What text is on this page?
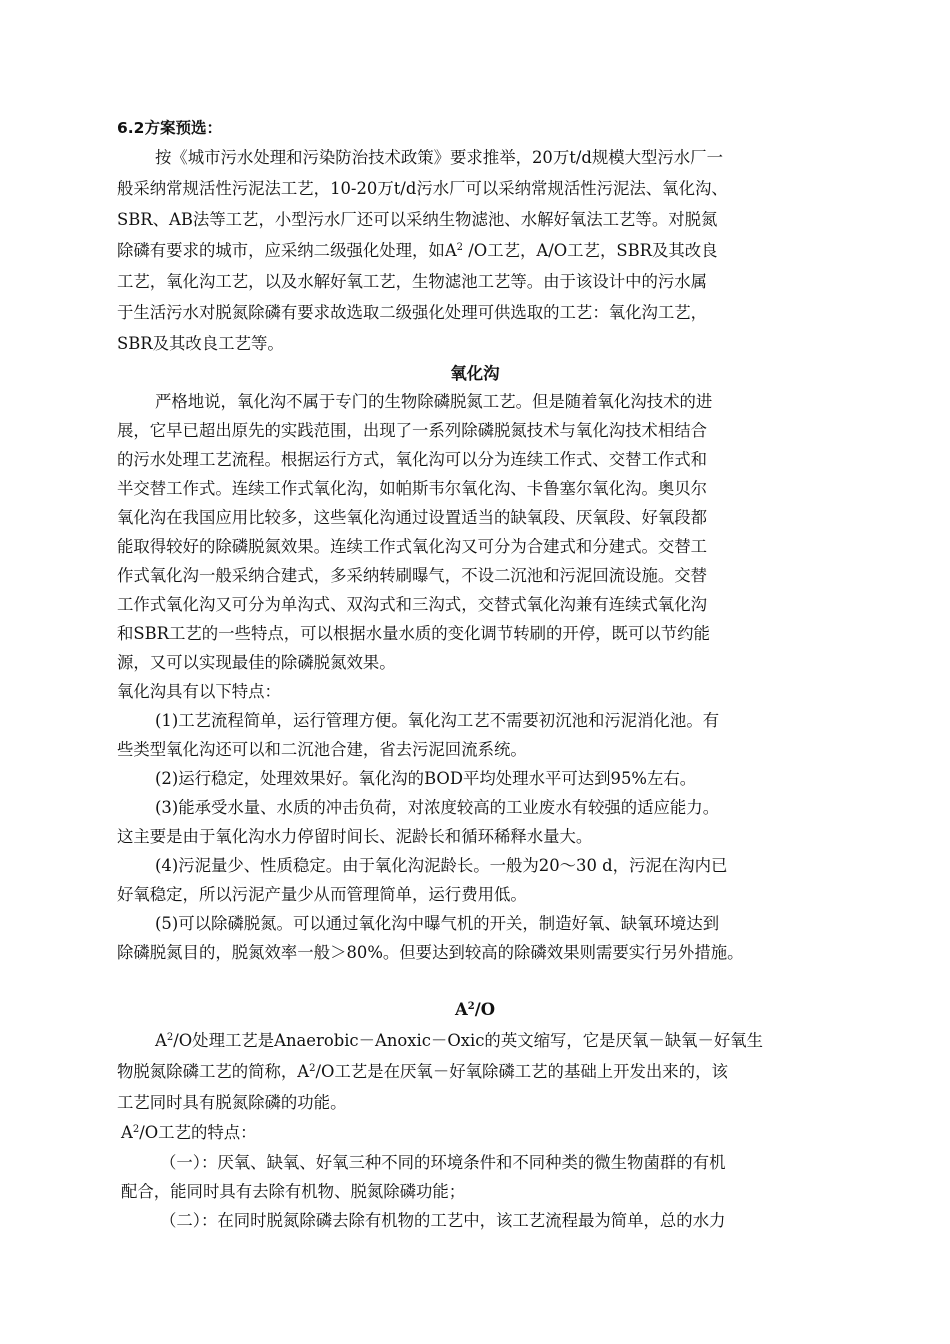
6.2方案预选：
按《城市污水处理和污染防治技术政策》要求推举，20万t/d规模大型污水厂一
般采纳常规活性污泥法工艺，10-20万t/d污水厂可以采纳常规活性污泥法、氧化沟、
SBR、AB法等工艺，小型污水厂还可以采纳生物滤池、水解好氧法工艺等。对脱氮
除磷有要求的城市，应采纳二级强化处理，如$A^2$ /O工艺，A/O工艺，SBR及其改良
工艺，氧化沟工艺，以及水解好氧工艺，生物滤池工艺等。由于该设计中的污水属
于生活污水对脱氮除磷有要求故选取二级强化处理可供选取的工艺：氧化沟工艺，
SBR及其改良工艺等。
氧化沟
严格地说，氧化沟不属于专门的生物除磷脱氮工艺。但是随着氧化沟技术的进
展，它早已超出原先的实践范围，出现了一系列除磷脱氮技术与氧化沟技术相结合
的污水处理工艺流程。根据运行方式，氧化沟可以分为连续工作式、交替工作式和
半交替工作式。连续工作式氧化沟，如帕斯韦尔氧化沟、卡鲁塞尔氧化沟。奥贝尔
氧化沟在我国应用比较多，这些氧化沟通过设置适当的缺氧段、厌氧段、好氧段都
能取得较好的除磷脱氮效果。连续工作式氧化沟又可分为合建式和分建式。交替工
作式氧化沟一般采纳合建式，多采纳转刷曝气，不设二沉池和污泥回流设施。交替
工作式氧化沟又可分为单沟式、双沟式和三沟式，交替式氧化沟兼有连续式氧化沟
和SBR工艺的一些特点，可以根据水量水质的变化调节转刷的开停，既可以节约能
源，又可以实现最佳的除磷脱氮效果。
氧化沟具有以下特点：
(1)工艺流程简单，运行管理方便。氧化沟工艺不需要初沉池和污泥消化池。有
些类型氧化沟还可以和二沉池合建，省去污泥回流系统。
(2)运行稳定，处理效果好。氧化沟的BOD平均处理水平可达到95%左右。
(3)能承受水量、水质的冲击负荷，对浓度较高的工业废水有较强的适应能力。
这主要是由于氧化沟水力停留时间长、泥龄长和循环稀释水量大。
(4)污泥量少、性质稳定。由于氧化沟泥龄长。一般为20～30 d，污泥在沟内已
好氧稳定，所以污泥产量少从而管理简单，运行费用低。
(5)可以除磷脱氮。可以通过氧化沟中曝气机的开关，制造好氧、缺氧环境达到
除磷脱氮目的，脱氮效率一般＞80%。但要达到较高的除磷效果则需要实行另外措施。
$A^2/O$
$A^2/O$处理工艺是Anaerobic－Anoxic－Oxic的英文缩写，它是厌氧－缺氧－好氧生
物脱氮除磷工艺的简称，$A^2/O$工艺是在厌氧－好氧除磷工艺的基础上开发出来的，该
工艺同时具有脱氮除磷的功能。
$A^2/O$工艺的特点：
（一）：厌氧、缺氧、好氧三种不同的环境条件和不同种类的微生物菌群的有机
配合，能同时具有去除有机物、脱氮除磷功能；
（二）：在同时脱氮除磷去除有机物的工艺中，该工艺流程最为简单，总的水力
